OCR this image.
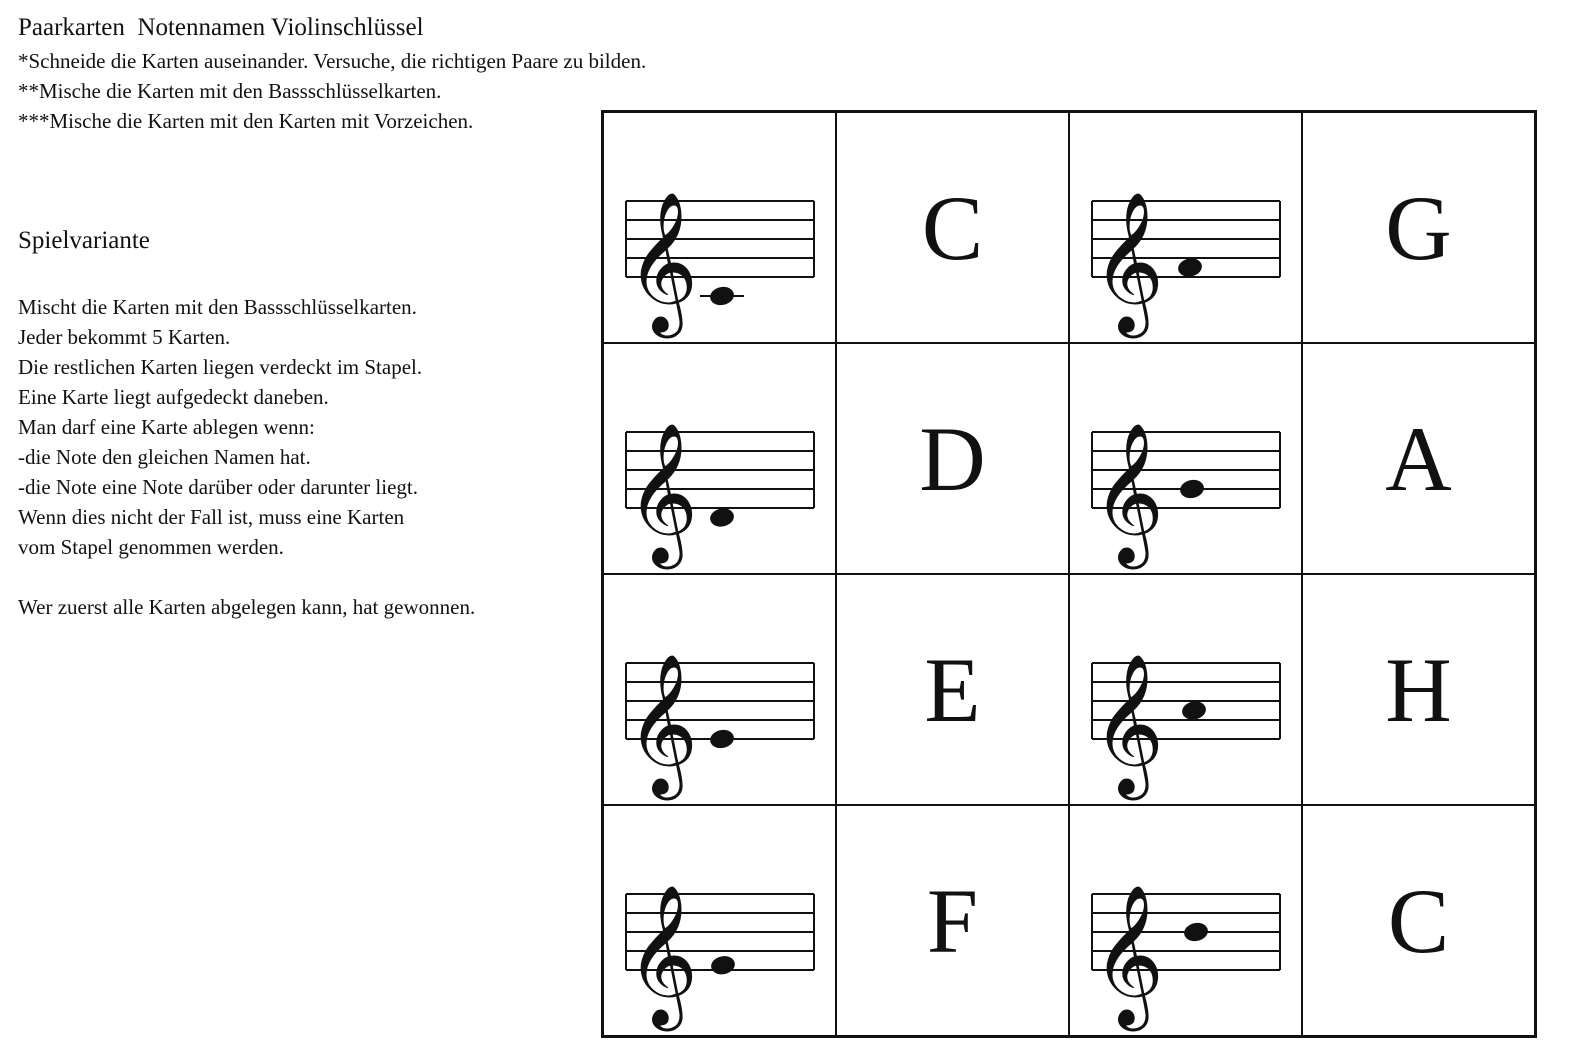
Paarkarten  Notennamen Violinschlüssel
*Schneide die Karten auseinander. Versuche, die richtigen Paare zu bilden.
**Mische die Karten mit den Bassschlüsselkarten.
***Mische die Karten mit den Karten mit Vorzeichen.
Spielvariante
Mischt die Karten mit den Bassschlüsselkarten.
Jeder bekommt 5 Karten.
Die restlichen Karten liegen verdeckt im Stapel.
Eine Karte liegt aufgedeckt daneben.
Man darf eine Karte ablegen wenn:
-die Note den gleichen Namen hat.
-die Note eine Note darüber oder darunter liegt.
Wenn dies nicht der Fall ist, muss eine Karten
vom Stapel genommen werden.
Wer zuerst alle Karten abgelegen kann, hat gewonnen.
𝄞 C 𝄞 G
𝄞 D 𝄞 A
𝄞 E 𝄞 H
𝄞 F 𝄞 C
